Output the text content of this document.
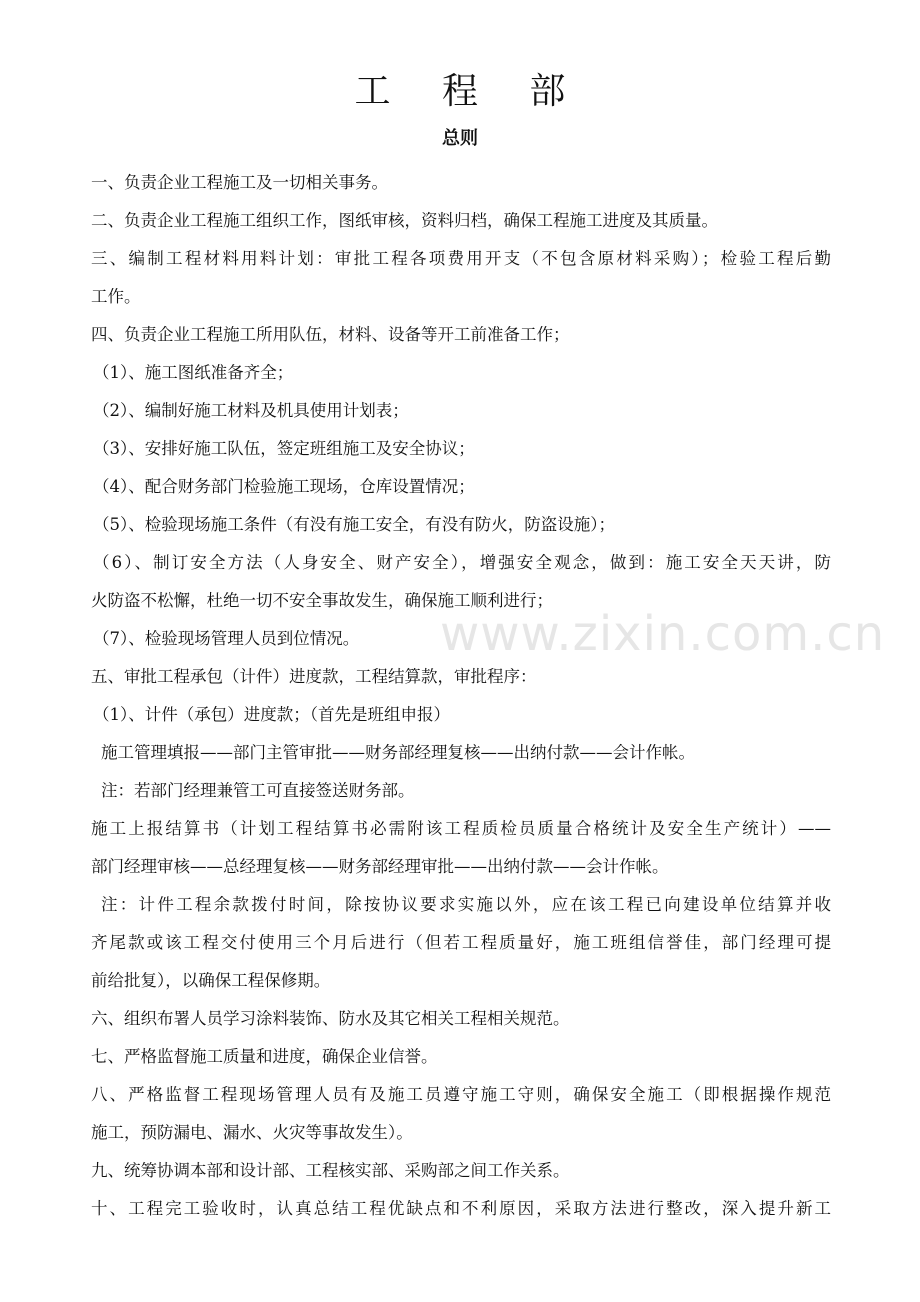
工 程 部
总则
www.zixin.com.cn
一、负责企业工程施工及一切相关事务。
二、负责企业工程施工组织工作，图纸审核，资料归档，确保工程施工进度及其质量。
三、编制工程材料用料计划：审批工程各项费用开支（不包含原材料采购）；检验工程后勤
工作。
四、负责企业工程施工所用队伍，材料、设备等开工前准备工作；
（1）、施工图纸准备齐全；
（2）、编制好施工材料及机具使用计划表；
（3）、安排好施工队伍，签定班组施工及安全协议；
（4）、配合财务部门检验施工现场，仓库设置情况；
（5）、检验现场施工条件（有没有施工安全，有没有防火，防盗设施）；
（6）、制订安全方法（人身安全、财产安全），增强安全观念，做到：施工安全天天讲，防
火防盗不松懈，杜绝一切不安全事故发生，确保施工顺利进行；
（7）、检验现场管理人员到位情况。
五、审批工程承包（计件）进度款，工程结算款，审批程序：
（1）、计件（承包）进度款；（首先是班组申报）
施工管理填报——部门主管审批——财务部经理复核——出纳付款——会计作帐。
注：若部门经理兼管工可直接签送财务部。
施工上报结算书（计划工程结算书必需附该工程质检员质量合格统计及安全生产统计）——
部门经理审核——总经理复核——财务部经理审批——出纳付款——会计作帐。
注：计件工程余款拨付时间，除按协议要求实施以外，应在该工程已向建设单位结算并收
齐尾款或该工程交付使用三个月后进行（但若工程质量好，施工班组信誉佳，部门经理可提
前给批复），以确保工程保修期。
六、组织布署人员学习涂料装饰、防水及其它相关工程相关规范。
七、严格监督施工质量和进度，确保企业信誉。
八、严格监督工程现场管理人员有及施工员遵守施工守则，确保安全施工（即根据操作规范
施工，预防漏电、漏水、火灾等事故发生）。
九、统筹协调本部和设计部、工程核实部、采购部之间工作关系。
十、工程完工验收时，认真总结工程优缺点和不利原因，采取方法进行整改，深入提升新工
